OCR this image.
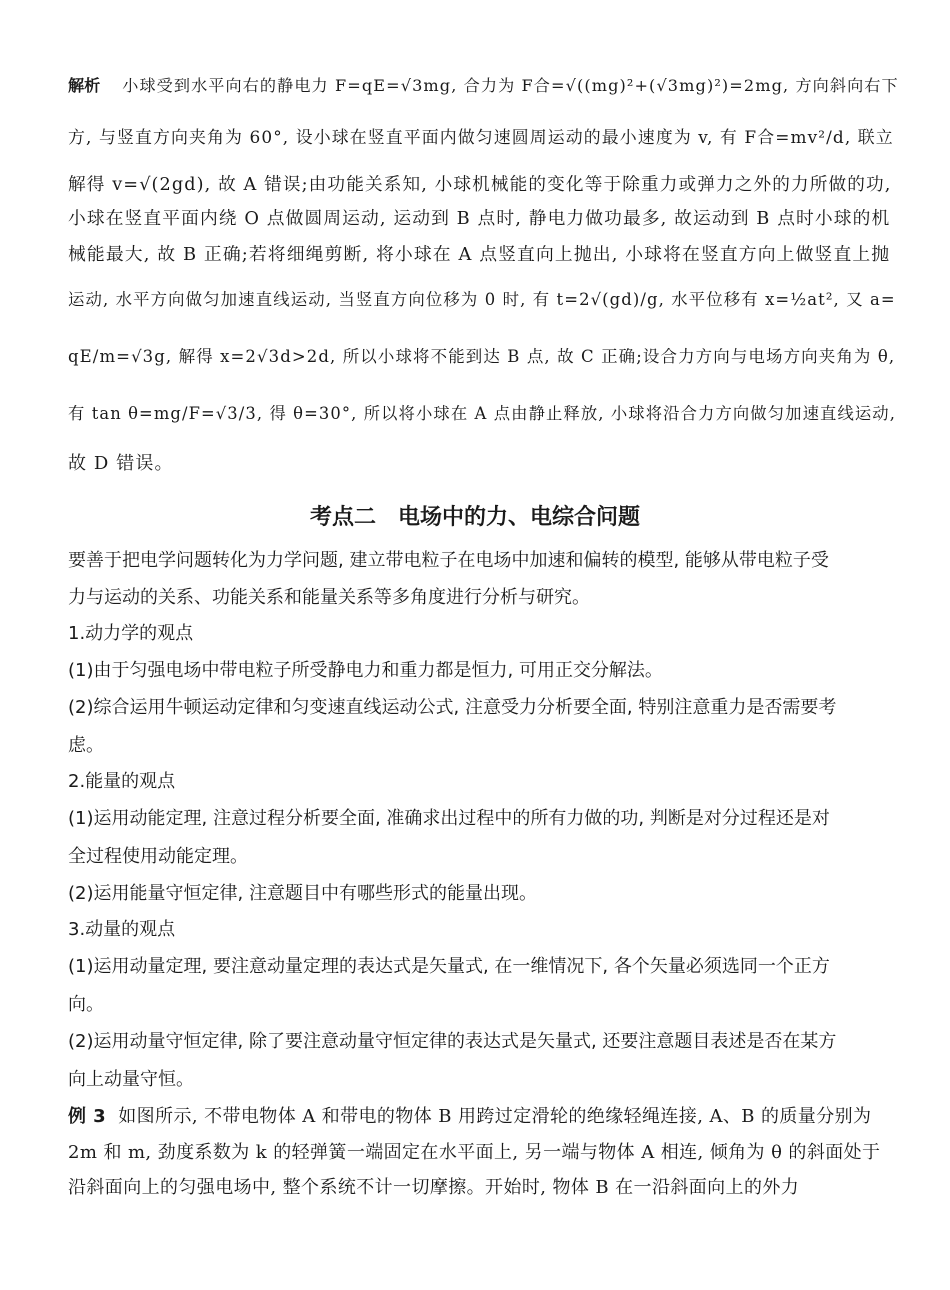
解析 小球受到水平向右的静电力 F=qE=√3mg, 合力为 F合=√((mg)²+(√3mg)²)=2mg, 方向斜向右下
方, 与竖直方向夹角为 60°, 设小球在竖直平面内做匀速圆周运动的最小速度为 v, 有 F合=mv²/d, 联立
解得 v=√(2gd), 故 A 错误;由功能关系知, 小球机械能的变化等于除重力或弹力之外的力所做的功,
小球在竖直平面内绕 O 点做圆周运动, 运动到 B 点时, 静电力做功最多, 故运动到 B 点时小球的机
械能最大, 故 B 正确;若将细绳剪断, 将小球在 A 点竖直向上抛出, 小球将在竖直方向上做竖直上抛
运动, 水平方向做匀加速直线运动, 当竖直方向位移为 0 时, 有 t=2√(gd)/g, 水平位移有 x=½at², 又 a=
qE/m=√3g, 解得 x=2√3d>2d, 所以小球将不能到达 B 点, 故 C 正确;设合力方向与电场方向夹角为 θ,
有 tan θ=mg/F=√3/3, 得 θ=30°, 所以将小球在 A 点由静止释放, 小球将沿合力方向做匀加速直线运动,
故 D 错误。
考点二　电场中的力、电综合问题
要善于把电学问题转化为力学问题, 建立带电粒子在电场中加速和偏转的模型, 能够从带电粒子受
力与运动的关系、功能关系和能量关系等多角度进行分析与研究。
1.动力学的观点
(1)由于匀强电场中带电粒子所受静电力和重力都是恒力, 可用正交分解法。
(2)综合运用牛顿运动定律和匀变速直线运动公式, 注意受力分析要全面, 特别注意重力是否需要考
虑。
2.能量的观点
(1)运用动能定理, 注意过程分析要全面, 准确求出过程中的所有力做的功, 判断是对分过程还是对
全过程使用动能定理。
(2)运用能量守恒定律, 注意题目中有哪些形式的能量出现。
3.动量的观点
(1)运用动量定理, 要注意动量定理的表达式是矢量式, 在一维情况下, 各个矢量必须选同一个正方
向。
(2)运用动量守恒定律, 除了要注意动量守恒定律的表达式是矢量式, 还要注意题目表述是否在某方
向上动量守恒。
例 3 如图所示, 不带电物体 A 和带电的物体 B 用跨过定滑轮的绝缘轻绳连接, A、B 的质量分别为
2m 和 m, 劲度系数为 k 的轻弹簧一端固定在水平面上, 另一端与物体 A 相连, 倾角为 θ 的斜面处于
沿斜面向上的匀强电场中, 整个系统不计一切摩擦。开始时, 物体 B 在一沿斜面向上的外力
